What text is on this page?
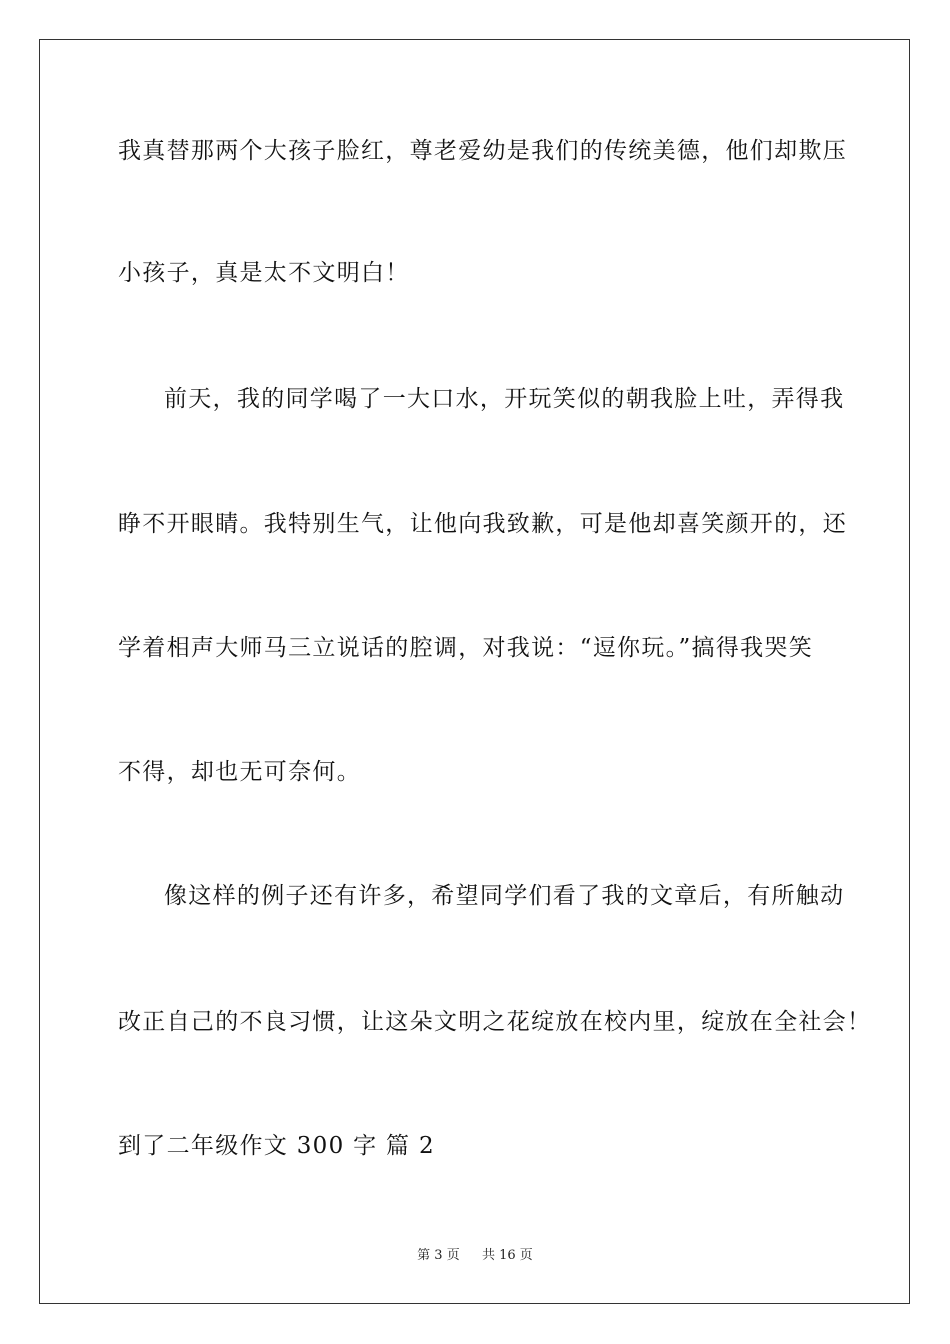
我真替那两个大孩子脸红，尊老爱幼是我们的传统美德，他们却欺压
小孩子，真是太不文明白！
前天，我的同学喝了一大口水，开玩笑似的朝我脸上吐，弄得我
睁不开眼睛。我特别生气，让他向我致歉，可是他却喜笑颜开的，还
学着相声大师马三立说话的腔调，对我说：“逗你玩。”搞得我哭笑
不得，却也无可奈何。
像这样的例子还有许多，希望同学们看了我的文章后，有所触动
改正自己的不良习惯，让这朵文明之花绽放在校内里，绽放在全社会！
到了二年级作文 300 字 篇 2
第 3 页 共 16 页
